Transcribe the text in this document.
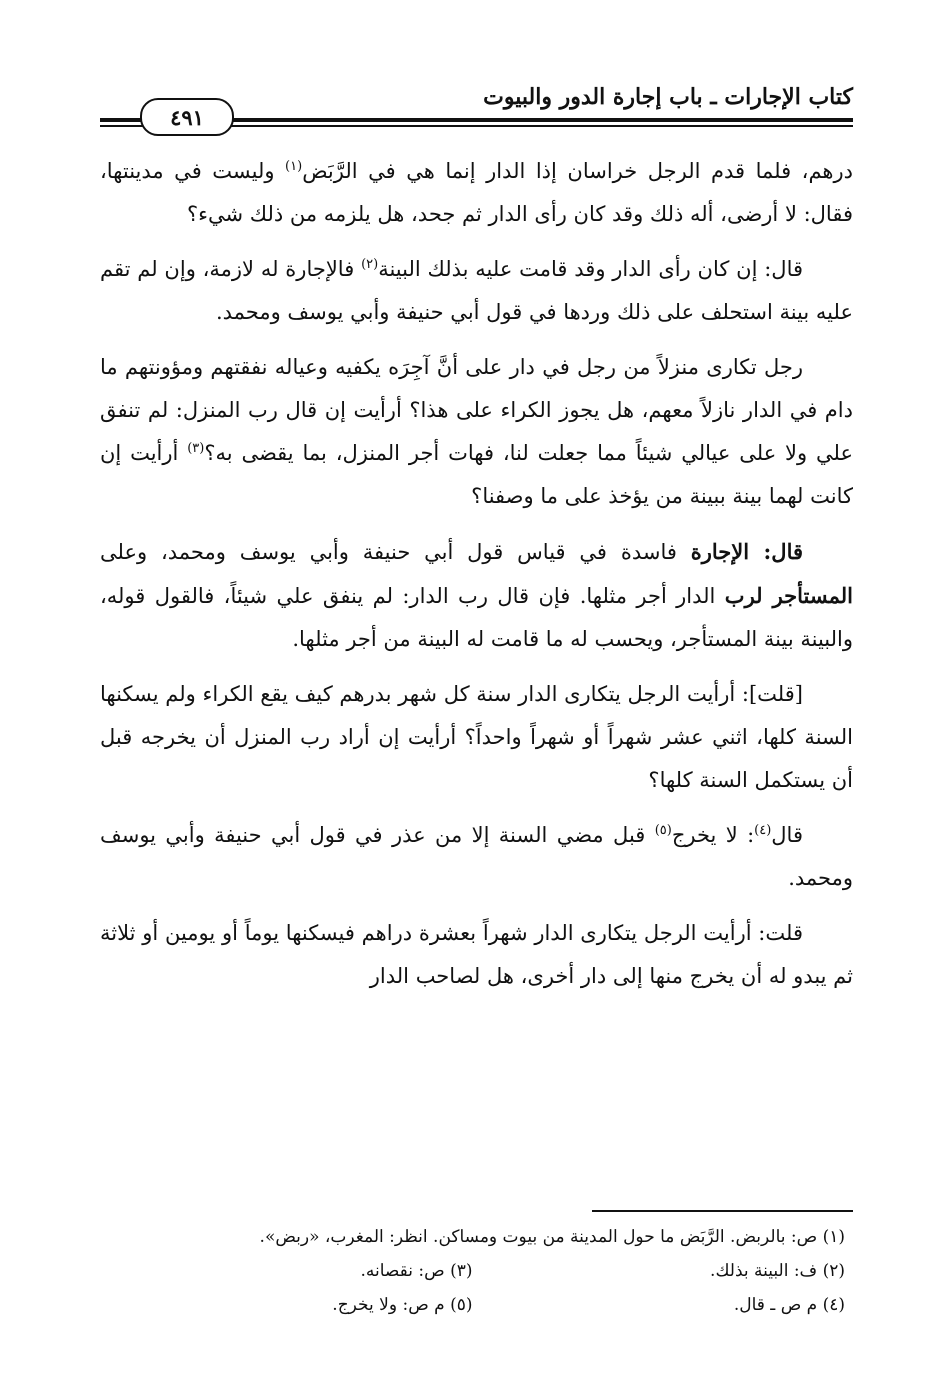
كتاب الإجارات ـ باب إجارة الدور والبيوت
٤٩١

درهم، فلما قدم الرجل خراسان إذا الدار إنما هي في الرَّبَض$^{(١)}$ وليست في مدينتها، فقال: لا أرضى، أله ذلك وقد كان رأى الدار ثم جحد، هل يلزمه من ذلك شيء؟

قال: إن كان رأى الدار وقد قامت عليه بذلك البينة$^{(٢)}$ فالإجارة له لازمة، وإن لم تقم عليه بينة استحلف على ذلك وردها في قول أبي حنيفة وأبي يوسف ومحمد.

رجل تكارى منزلاً من رجل في دار على أنَّ آجِرَه يكفيه وعياله نفقتهم ومؤونتهم ما دام في الدار نازلاً معهم، هل يجوز الكراء على هذا؟ أرأيت إن قال رب المنزل: لم تنفق علي ولا على عيالي شيئاً مما جعلت لنا، فهات أجر المنزل، بما يقضى به؟$^{(٣)}$ أرأيت إن كانت لهما بينة ببينة من يؤخذ على ما وصفنا؟

قال: الإجارة فاسدة في قياس قول أبي حنيفة وأبي يوسف ومحمد، وعلى المستأجر لرب الدار أجر مثلها. فإن قال رب الدار: لم ينفق علي شيئاً، فالقول قوله، والبينة بينة المستأجر، ويحسب له ما قامت له البينة من أجر مثلها.

[قلت]: أرأيت الرجل يتكارى الدار سنة كل شهر بدرهم كيف يقع الكراء ولم يسكنها السنة كلها، اثني عشر شهراً أو شهراً واحداً؟ أرأيت إن أراد رب المنزل أن يخرجه قبل أن يستكمل السنة كلها؟

قال$^{(٤)}$: لا يخرج$^{(٥)}$ قبل مضي السنة إلا من عذر في قول أبي حنيفة وأبي يوسف ومحمد.

قلت: أرأيت الرجل يتكارى الدار شهراً بعشرة دراهم فيسكنها يوماً أو يومين أو ثلاثة ثم يبدو له أن يخرج منها إلى دار أخرى، هل لصاحب الدار

(١) ص: بالربض. الرَّبَض ما حول المدينة من بيوت ومساكن. انظر: المغرب، «ربض».
(٢) ف: البينة بذلك.
(٣) ص: نقصانه.
(٤) م ص ـ قال.
(٥) م ص: ولا يخرج.
